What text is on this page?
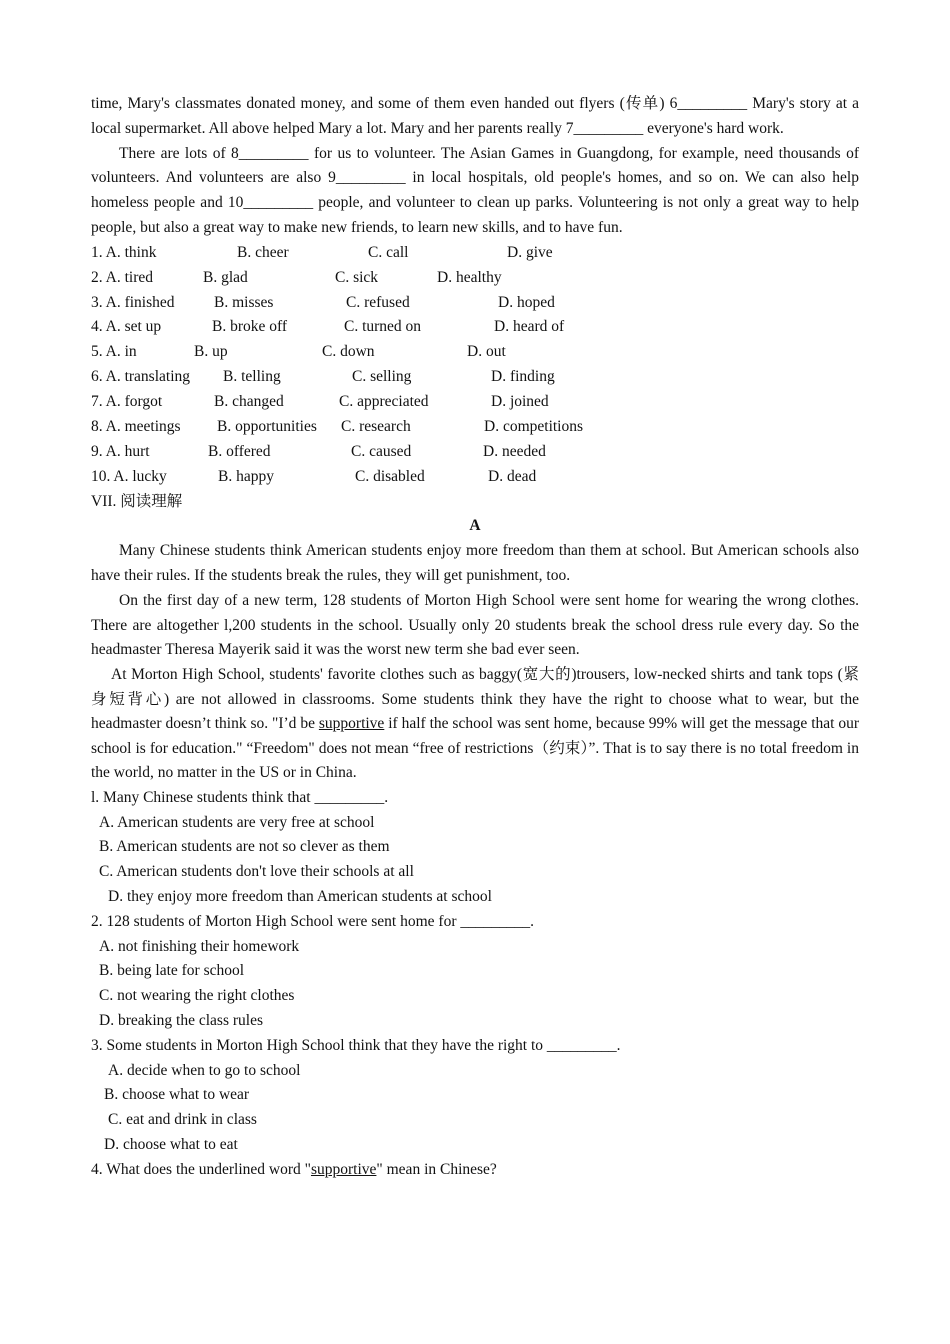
time, Mary's classmates donated money, and some of them even handed out flyers (传单) 6_________ Mary's story at a local supermarket. All above helped Mary a lot. Mary and her parents really 7_________ everyone's hard work.

There are lots of 8_________ for us to volunteer. The Asian Games in Guangdong, for example, need thousands of volunteers. And volunteers are also 9_________ in local hospitals, old people's homes, and so on. We can also help homeless people and 10_________ people, and volunteer to clean up parks. Volunteering is not only a great way to help people, but also a great way to make new friends, to learn new skills, and to have fun.

1. A. think	B. cheer	C. call	D. give
2. A. tired	B. glad	C. sick	D. healthy
3. A. finished	B. misses	C. refused	D. hoped
4. A. set up	B. broke off	C. turned on	D. heard of
5. A. in	B. up	C. down	D. out
6. A. translating B. telling	C. selling	D. finding
7. A. forgot	B. changed	C. appreciated	D. joined
8. A. meetings B. opportunities C. research	D. competitions
9. A. hurt	B. offered	C. caused	D. needed
10. A. lucky	B. happy	C. disabled	D. dead
VII. 阅读理解
A

Many Chinese students think American students enjoy more freedom than them at school. But American schools also have their rules. If the students break the rules, they will get punishment, too.

On the first day of a new term, 128 students of Morton High School were sent home for wearing the wrong clothes. There are altogether l,200 students in the school. Usually only 20 students break the school dress rule every day. So the headmaster Theresa Mayerik said it was the worst new term she bad ever seen.

At Morton High School, students' favorite clothes such as baggy(宽大的)trousers, low-necked shirts and tank tops (紧身短背心) are not allowed in classrooms. Some students think they have the right to choose what to wear, but the headmaster doesn’t think so. "I’d be supportive if half the school was sent home, because 99% will get the message that our school is for education." “Freedom" does not mean “free of restrictions（约束）”. That is to say there is no total freedom in the world, no matter in the US or in China.

l. Many Chinese students think that _________.
A. American students are very free at school
B. American students are not so clever as them
C. American students don't love their schools at all
D. they enjoy more freedom than American students at school
2. 128 students of Morton High School were sent home for _________.
A. not finishing their homework
B. being late for school
C. not wearing the right clothes
D. breaking the class rules
3. Some students in Morton High School think that they have the right to _________.
A. decide when to go to school
B. choose what to wear
C. eat and drink in class
D. choose what to eat
4. What does the underlined word "supportive" mean in Chinese?
